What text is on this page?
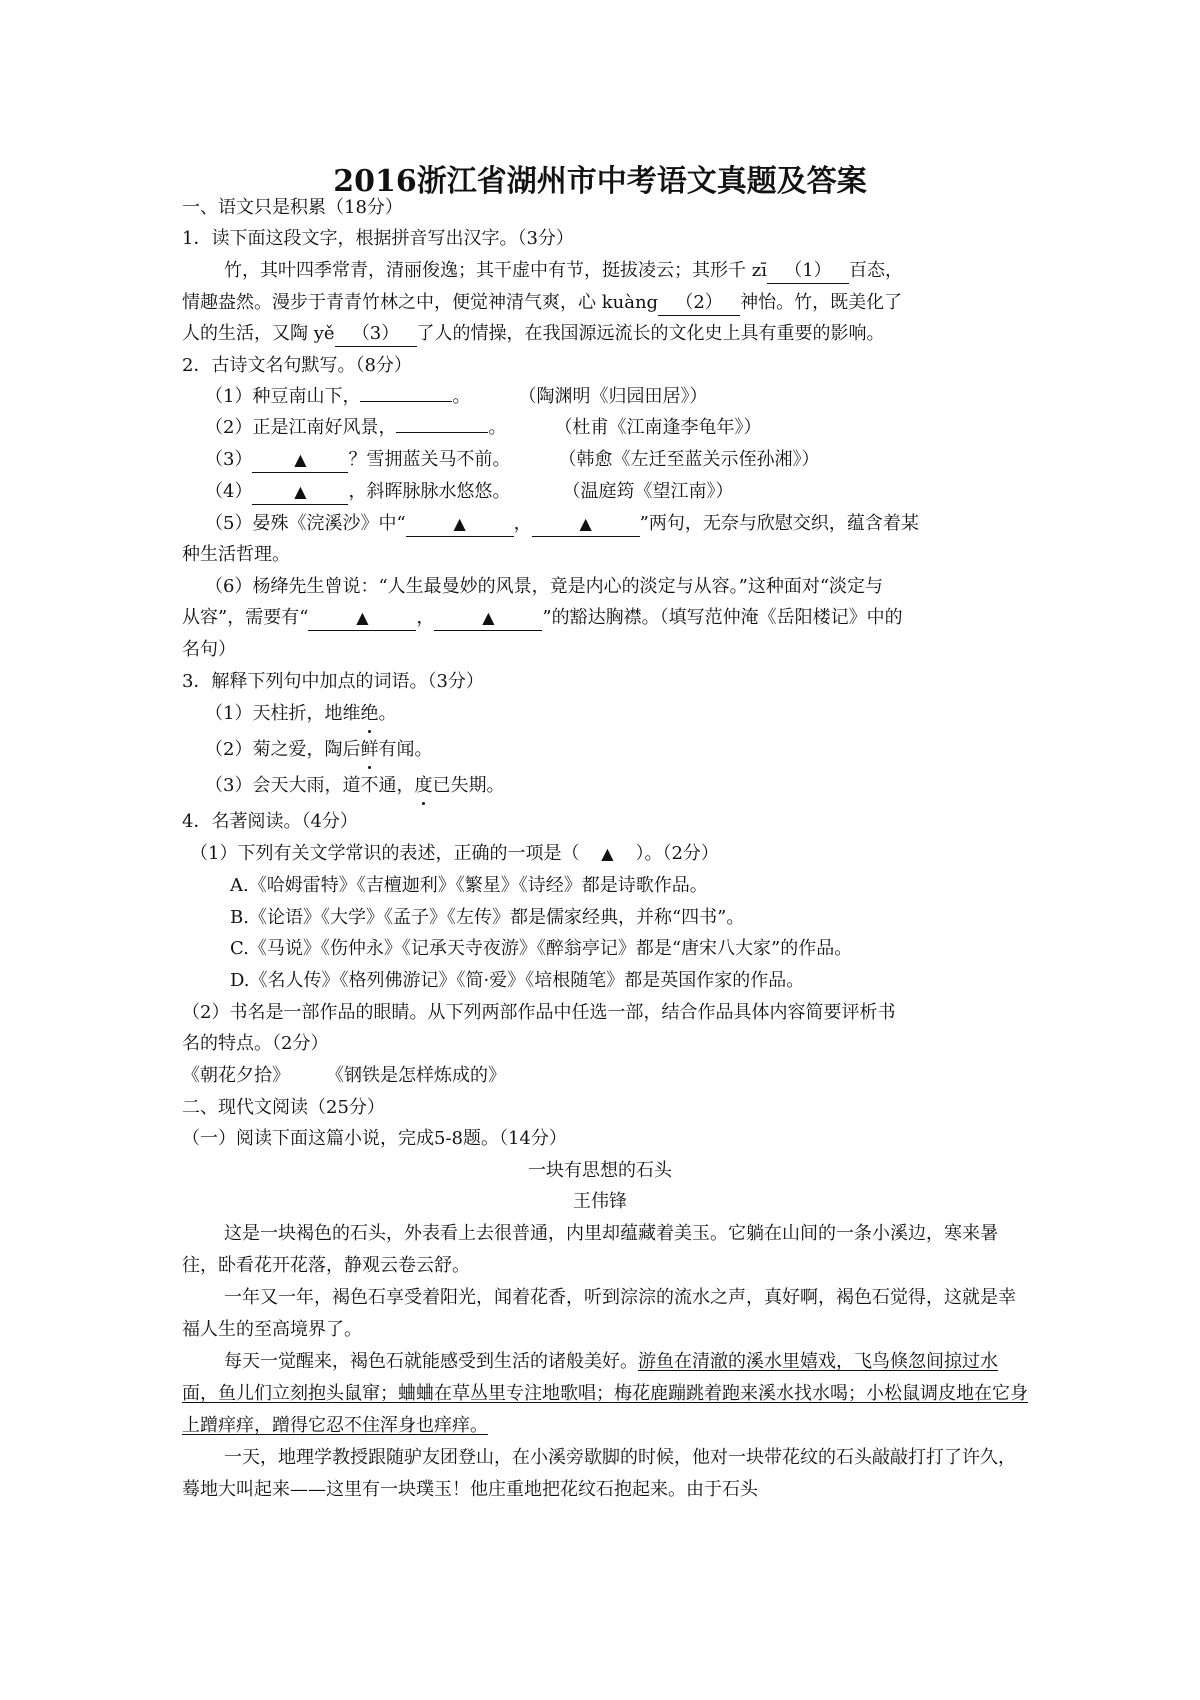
2016浙江省湖州市中考语文真题及答案
一、语文只是积累（18分）
1．读下面这段文字，根据拼音写出汉字。（3分）
竹，其叶四季常青，清丽俊逸；其干虚中有节，挺拔凌云；其形千 zī （1） 百态，
情趣盎然。漫步于青青竹林之中，便觉神清气爽，心 kuàng （2） 神怡。竹，既美化了
人的生活，又陶 yě （3） 了人的情操，在我国源远流长的文化史上具有重要的影响。
2．古诗文名句默写。（8分）
（1）种豆南山下，	。	（陶渊明《归园田居》）
（2）正是江南好风景，	。	（杜甫《江南逢李龟年》）
（3）	▲ ？雪拥蓝关马不前。	（韩愈《左迁至蓝关示侄孙湘》）
（4）	▲ ，斜晖脉脉水悠悠。	（温庭筠《望江南》）
（5）晏殊《浣溪沙》中“	▲	，	▲	”两句，无奈与欣慰交织，蕴含着某
种生活哲理。
（6）杨绛先生曾说：“人生最曼妙的风景，竟是内心的淡定与从容。”这种面对“淡定与
从容”，需要有“	▲	，	▲	”的豁达胸襟。（填写范仲淹《岳阳楼记》中的
名句）
3．解释下列句中加点的词语。（3分）
（1）天柱折，地维绝。
（2）菊之爱，陶后鲜有闻。
（3）会天大雨，道不通，度已失期。
4．名著阅读。（4分）
（1）下列有关文学常识的表述，正确的一项是（ ▲ ）。（2分）
A.《哈姆雷特》《吉檀迦利》《繁星》《诗经》都是诗歌作品。
B.《论语》《大学》《孟子》《左传》都是儒家经典，并称“四书”。
C.《马说》《伤仲永》《记承天寺夜游》《醉翁亭记》都是“唐宋八大家”的作品。
D.《名人传》《格列佛游记》《简·爱》《培根随笔》都是英国作家的作品。
（2）书名是一部作品的眼睛。从下列两部作品中任选一部，结合作品具体内容简要评析书
名的特点。（2分）
《朝花夕拾》　　　《钢铁是怎样炼成的》
二、现代文阅读（25分）
（一）阅读下面这篇小说，完成5-8题。（14分）
一块有思想的石头
王伟锋
这是一块褐色的石头，外表看上去很普通，内里却蕴藏着美玉。它躺在山间的一条小溪边，寒来暑往，卧看花开花落，静观云卷云舒。
一年又一年，褐色石享受着阳光，闻着花香，听到淙淙的流水之声，真好啊，褐色石觉得，这就是幸福人生的至高境界了。
每天一觉醒来，褐色石就能感受到生活的诸般美好。游鱼在清澈的溪水里嬉戏，飞鸟倏忽间掠过水面，鱼儿们立刻抱头鼠窜；蛐蛐在草丛里专注地歌唱；梅花鹿蹦跳着跑来溪水找水喝；小松鼠调皮地在它身上蹭痒痒，蹭得它忍不住浑身也痒痒。
一天，地理学教授跟随驴友团登山，在小溪旁歇脚的时候，他对一块带花纹的石头敲敲打打了许久，蓦地大叫起来——这里有一块璞玉！他庄重地把花纹石抱起来。由于石头
